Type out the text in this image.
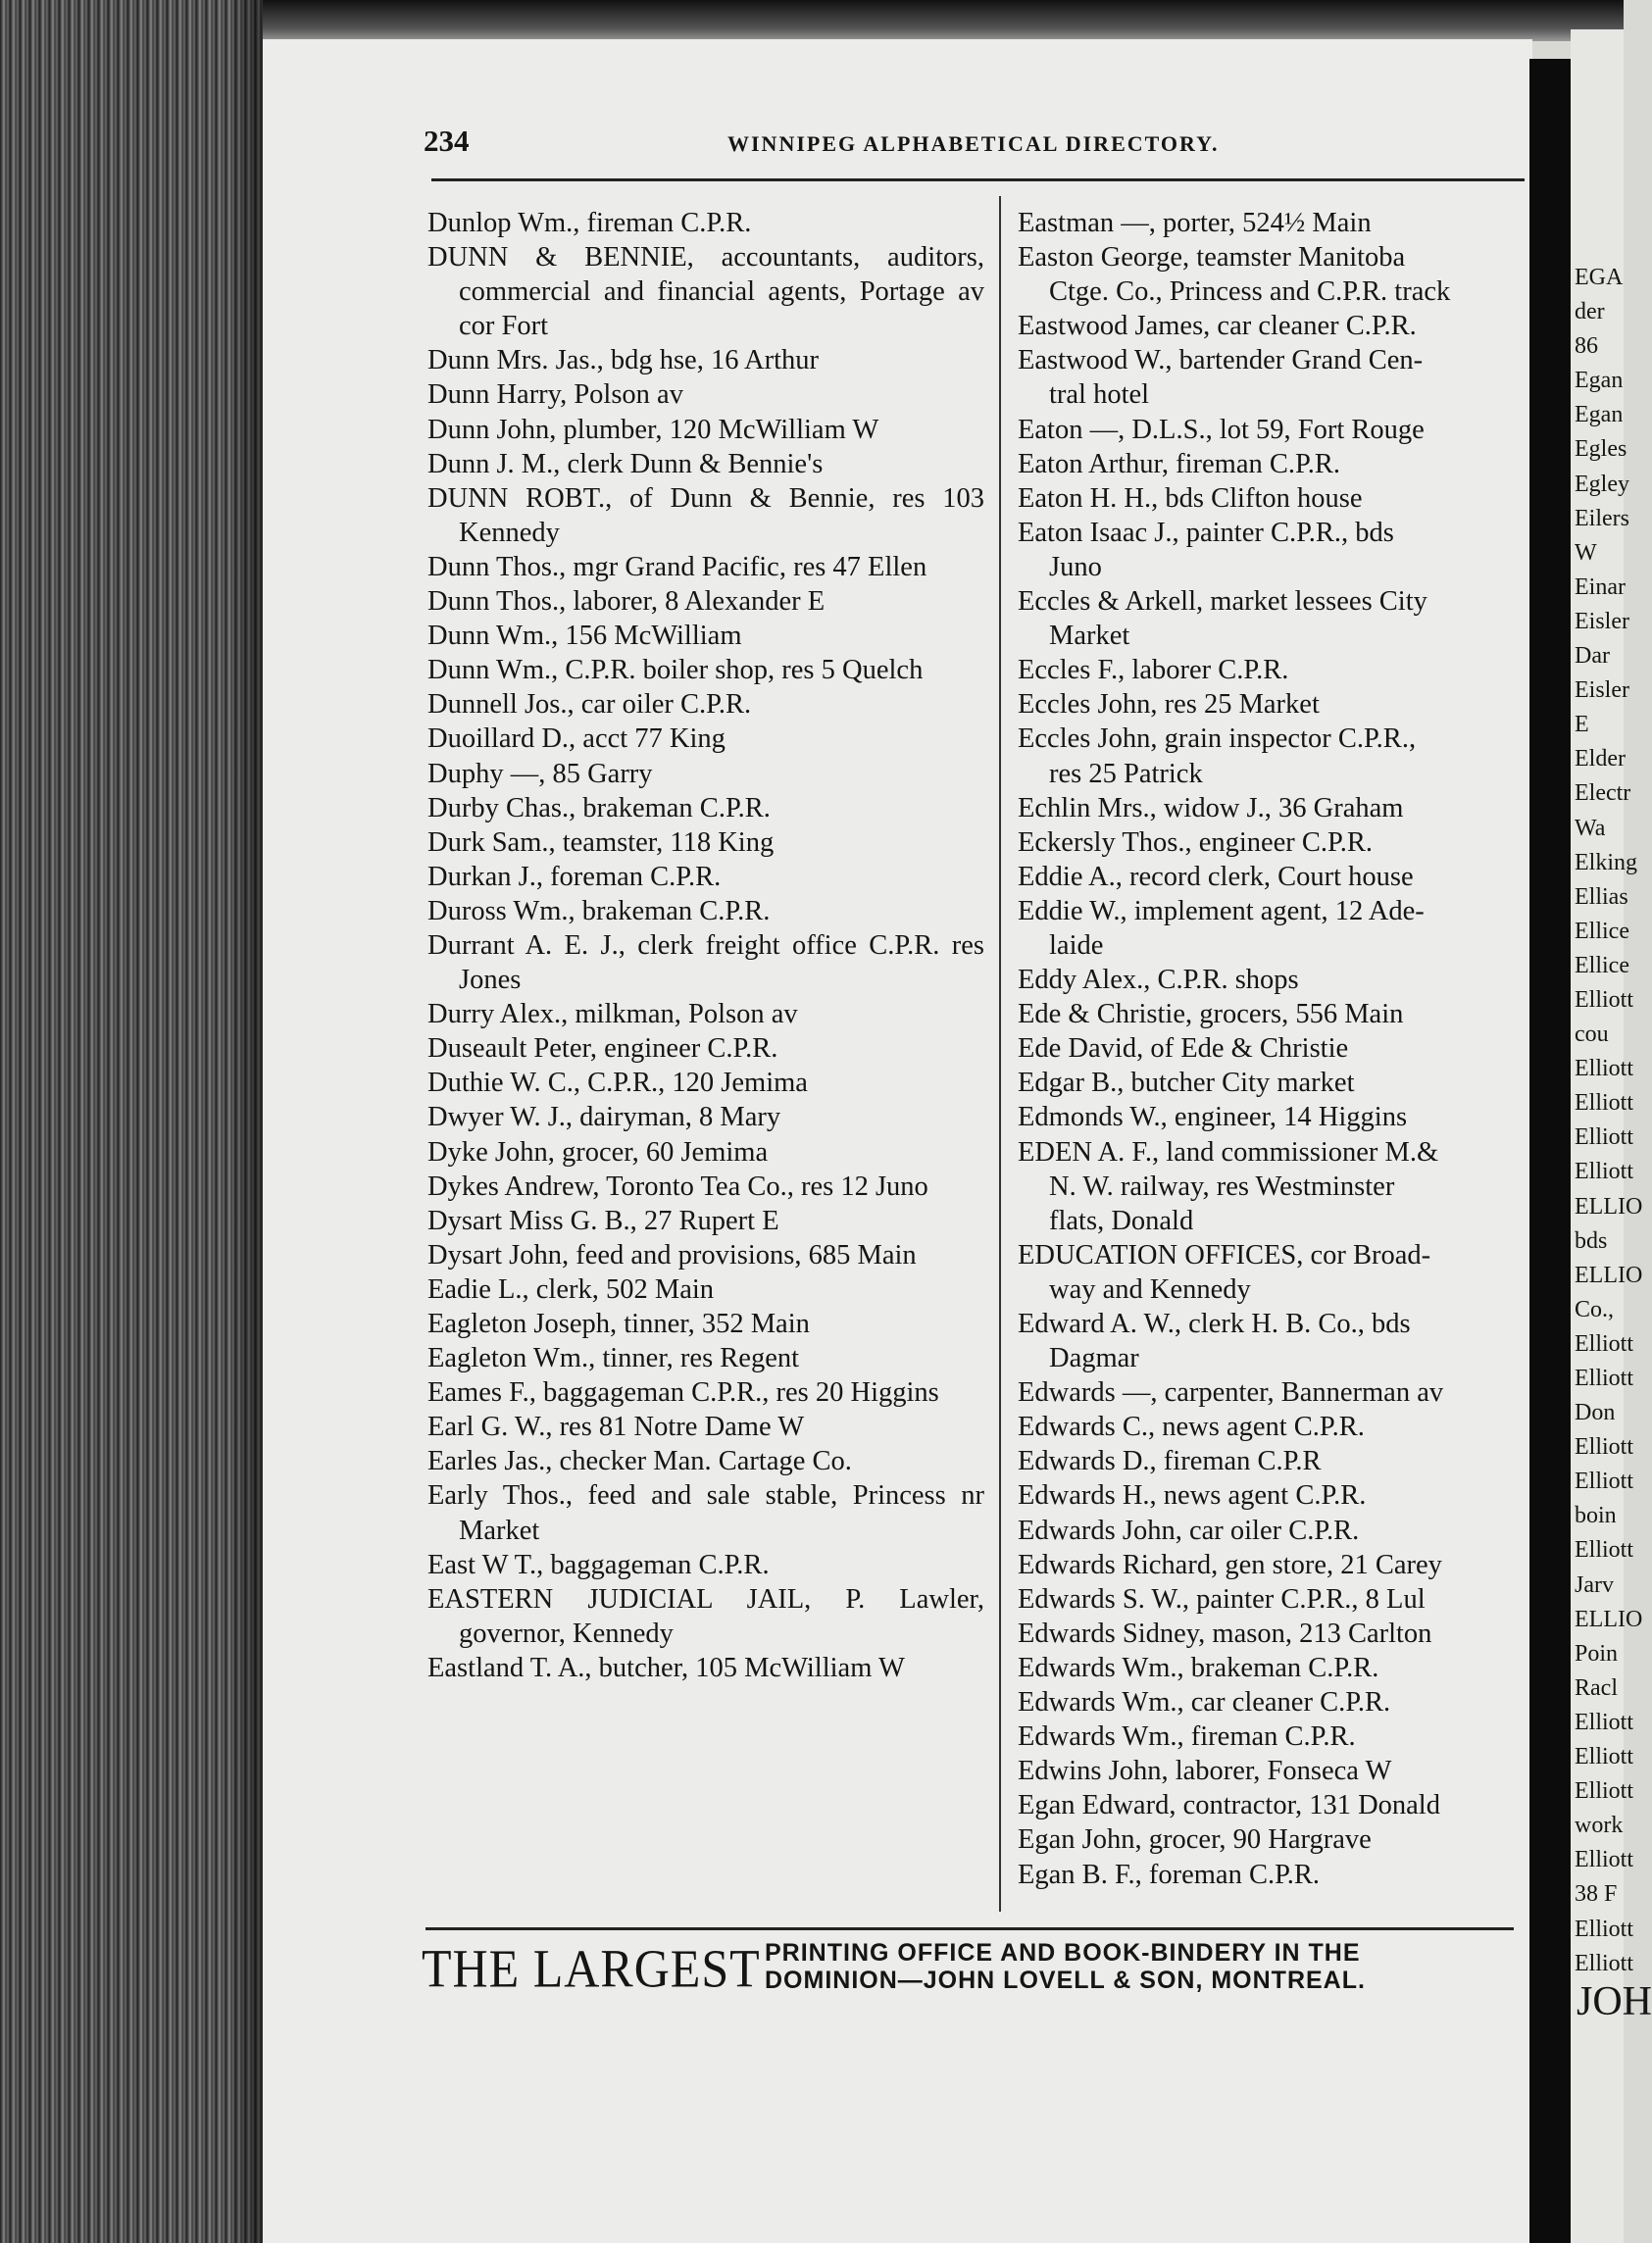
EGA
der
86
Egan
Egan
Egles
Egley
Eilers
W
Einar
Eisler
Dar
Eisler
E
Elder
Electr
Wa
Elking
Ellias
Ellice
Ellice
Elliott
cou
Elliott
Elliott
Elliott
Elliott
ELLIO
bds
ELLIO
Co.,
Elliott
Elliott
Don
Elliott
Elliott
boin
Elliott
Jarv
ELLIO
Poin
Racl
Elliott
Elliott
Elliott
work
Elliott
38 F
Elliott
Elliott
JOH
234	WINNIPEG ALPHABETICAL DIRECTORY.

Dunlop Wm., fireman C.P.R.

DUNN & BENNIE, accountants, auditors, commercial and financial agents, Portage av cor Fort

Dunn Mrs. Jas., bdg hse, 16 Arthur

Dunn Harry, Polson av

Dunn John, plumber, 120 McWilliam W

Dunn J. M., clerk Dunn & Bennie's

DUNN ROBT., of Dunn & Bennie, res 103 Kennedy

Dunn Thos., mgr Grand Pacific, res 47 Ellen

Dunn Thos., laborer, 8 Alexander E

Dunn Wm., 156 McWilliam

Dunn Wm., C.P.R. boiler shop, res 5 Quelch

Dunnell Jos., car oiler C.P.R.

Duoillard D., acct 77 King

Duphy —, 85 Garry

Durby Chas., brakeman C.P.R.

Durk Sam., teamster, 118 King

Durkan J., foreman C.P.R.

Duross Wm., brakeman C.P.R.

Durrant A. E. J., clerk freight office C.P.R. res Jones

Durry Alex., milkman, Polson av

Duseault Peter, engineer C.P.R.

Duthie W. C., C.P.R., 120 Jemima

Dwyer W. J., dairyman, 8 Mary

Dyke John, grocer, 60 Jemima

Dykes Andrew, Toronto Tea Co., res 12 Juno

Dysart Miss G. B., 27 Rupert E

Dysart John, feed and provisions, 685 Main

Eadie L., clerk, 502 Main

Eagleton Joseph, tinner, 352 Main

Eagleton Wm., tinner, res Regent

Eames F., baggageman C.P.R., res 20 Higgins

Earl G. W., res 81 Notre Dame W

Earles Jas., checker Man. Cartage Co.

Early Thos., feed and sale stable, Princess nr Market

East W T., baggageman C.P.R.

EASTERN JUDICIAL JAIL, P. Lawler, governor, Kennedy

Eastland T. A., butcher, 105 McWilliam W

Eastman —, porter, 524½ Main

Easton George, teamster Manitoba

Ctge. Co., Princess and C.P.R. track

Eastwood James, car cleaner C.P.R.

Eastwood W., bartender Grand Cen-

tral hotel

Eaton —, D.L.S., lot 59, Fort Rouge

Eaton Arthur, fireman C.P.R.

Eaton H. H., bds Clifton house

Eaton Isaac J., painter C.P.R., bds

Juno

Eccles & Arkell, market lessees City

Market

Eccles F., laborer C.P.R.

Eccles John, res 25 Market

Eccles John, grain inspector C.P.R.,

res 25 Patrick

Echlin Mrs., widow J., 36 Graham

Eckersly Thos., engineer C.P.R.

Eddie A., record clerk, Court house

Eddie W., implement agent, 12 Ade-

laide

Eddy Alex., C.P.R. shops

Ede & Christie, grocers, 556 Main

Ede David, of Ede & Christie

Edgar B., butcher City market

Edmonds W., engineer, 14 Higgins

EDEN A. F., land commissioner M.&

N. W. railway, res Westminster

flats, Donald

EDUCATION OFFICES, cor Broad-

way and Kennedy

Edward A. W., clerk H. B. Co., bds

Dagmar

Edwards —, carpenter, Bannerman av

Edwards C., news agent C.P.R.

Edwards D., fireman C.P.R

Edwards H., news agent C.P.R.

Edwards John, car oiler C.P.R.

Edwards Richard, gen store, 21 Carey

Edwards S. W., painter C.P.R., 8 Lul

Edwards Sidney, mason, 213 Carlton

Edwards Wm., brakeman C.P.R.

Edwards Wm., car cleaner C.P.R.

Edwards Wm., fireman C.P.R.

Edwins John, laborer, Fonseca W

Egan Edward, contractor, 131 Donald

Egan John, grocer, 90 Hargrave

Egan B. F., foreman C.P.R.

THE LARGEST PRINTING OFFICE AND BOOK-BINDERY IN THE
DOMINION—JOHN LOVELL & SON, MONTREAL.
